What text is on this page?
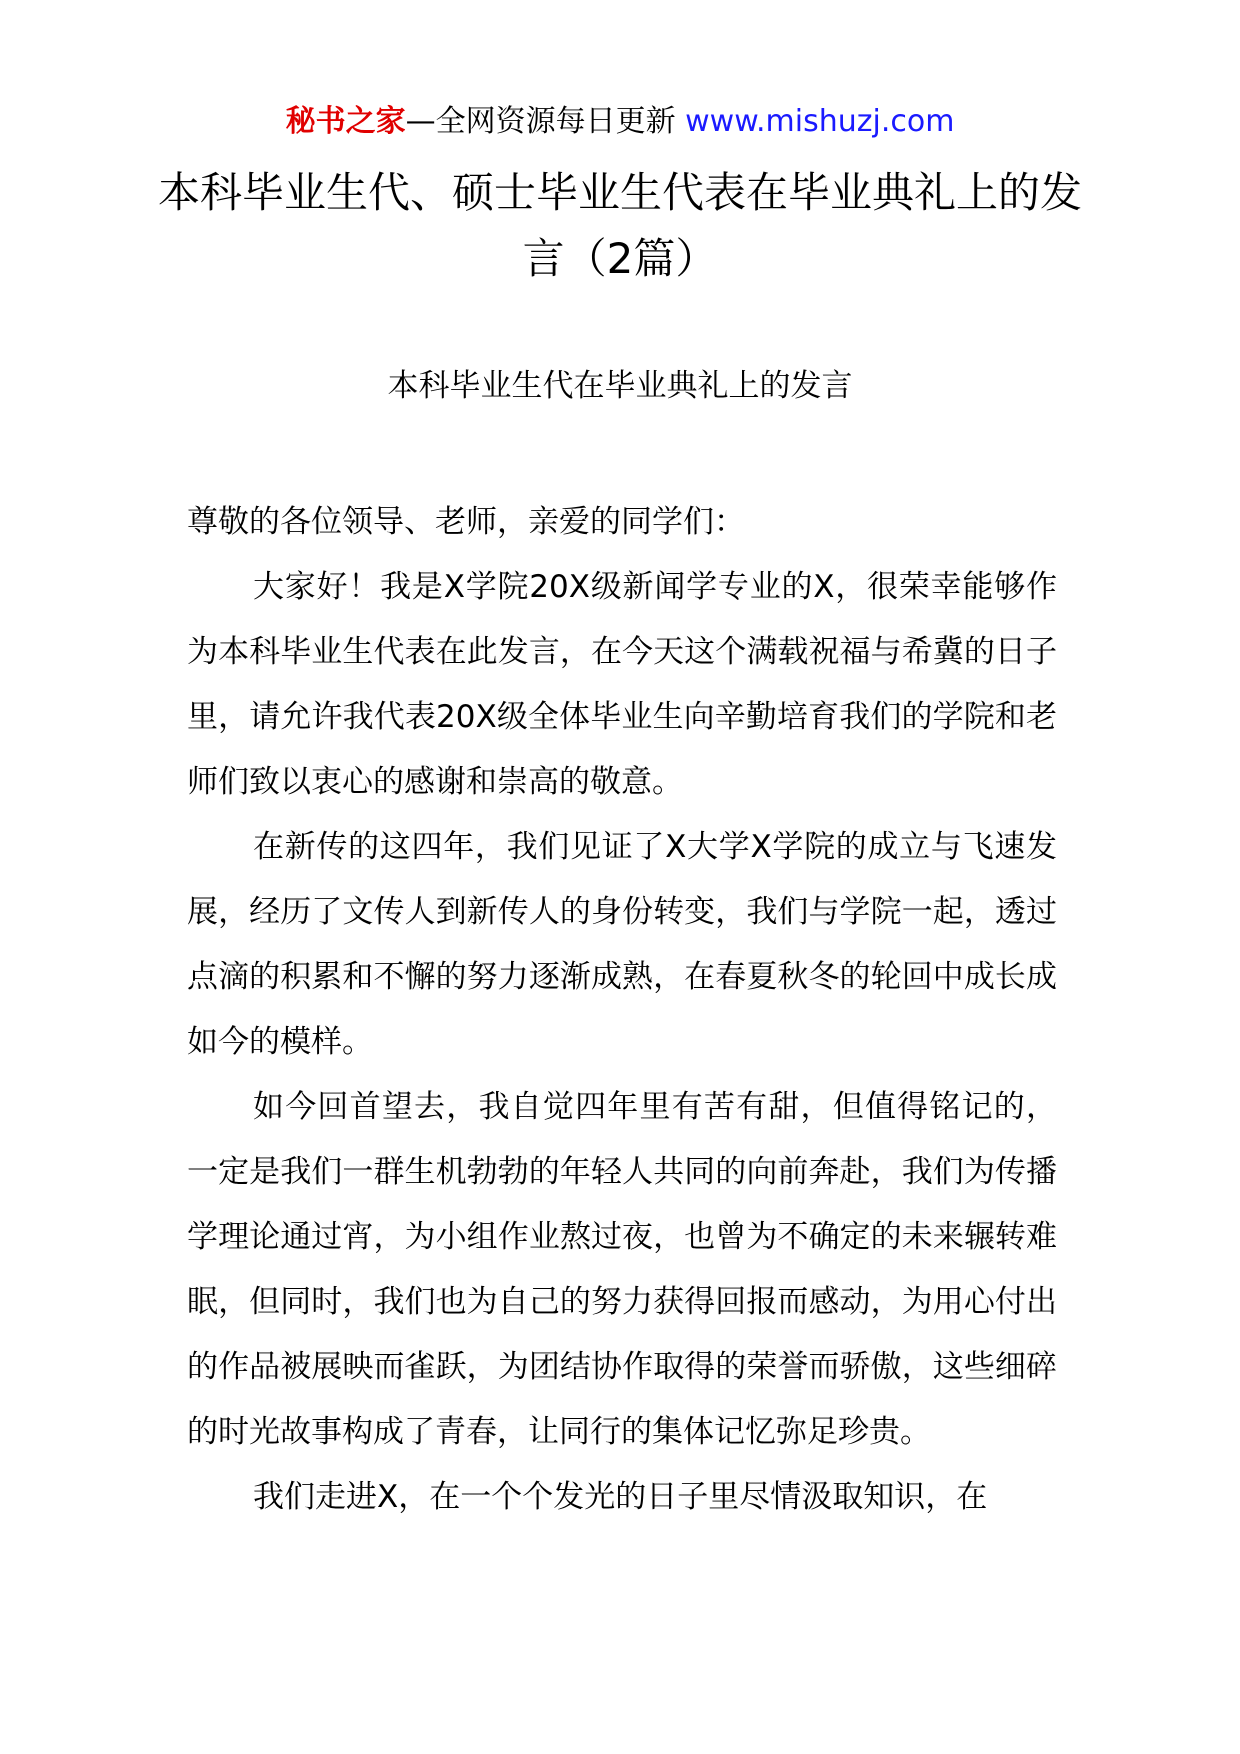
秘书之家—全网资源每日更新 www.mishuzj.com
本科毕业生代、硕士毕业生代表在毕业典礼上的发言（2篇）
本科毕业生代在毕业典礼上的发言

尊敬的各位领导、老师，亲爱的同学们：

大家好！我是X学院20X级新闻学专业的X，很荣幸能够作为本科毕业生代表在此发言，在今天这个满载祝福与希冀的日子里，请允许我代表20X级全体毕业生向辛勤培育我们的学院和老师们致以衷心的感谢和崇高的敬意。

在新传的这四年，我们见证了X大学X学院的成立与飞速发展，经历了文传人到新传人的身份转变，我们与学院一起，透过点滴的积累和不懈的努力逐渐成熟，在春夏秋冬的轮回中成长成如今的模样。

如今回首望去，我自觉四年里有苦有甜，但值得铭记的，一定是我们一群生机勃勃的年轻人共同的向前奔赴，我们为传播学理论通过宵，为小组作业熬过夜，也曾为不确定的未来辗转难眠，但同时，我们也为自己的努力获得回报而感动，为用心付出的作品被展映而雀跃，为团结协作取得的荣誉而骄傲，这些细碎的时光故事构成了青春，让同行的集体记忆弥足珍贵。

我们走进X，在一个个发光的日子里尽情汲取知识，在
